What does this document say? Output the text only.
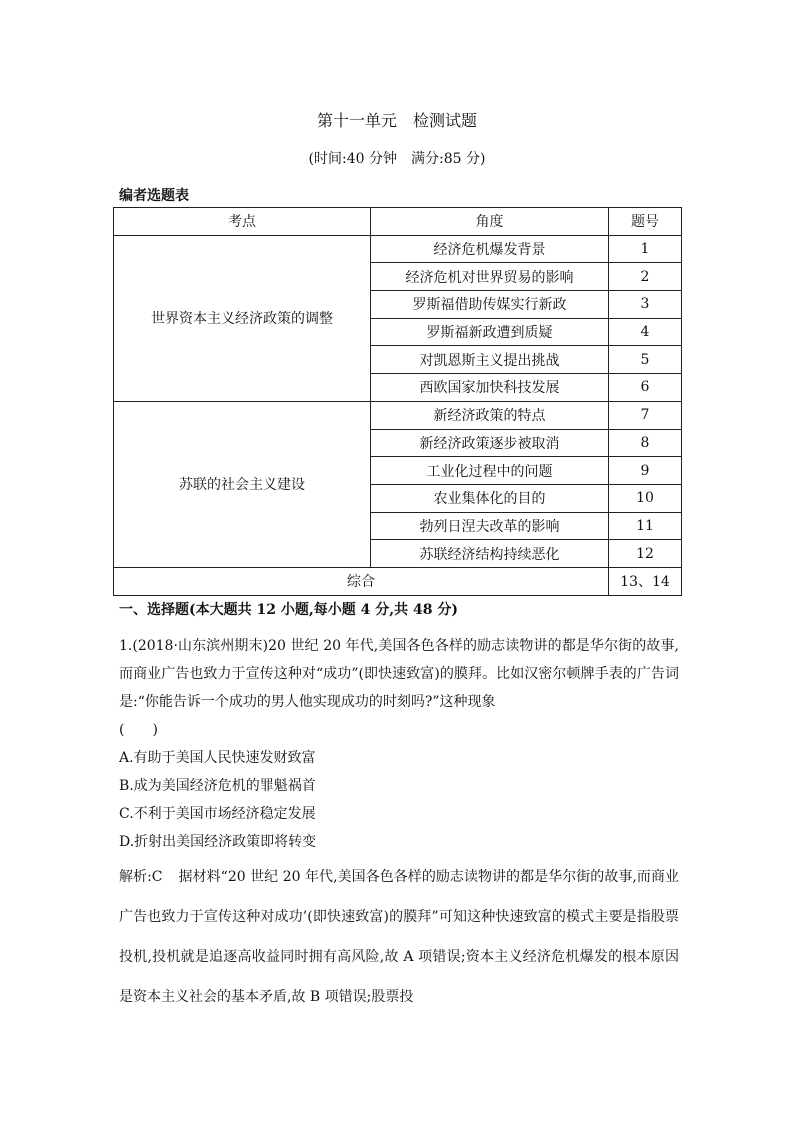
第十一单元　检测试题
(时间:40 分钟　满分:85 分)
编者选题表
考点	角度	题号
世界资本主义经济政策的调整	经济危机爆发背景	1
	经济危机对世界贸易的影响	2
	罗斯福借助传媒实行新政	3
	罗斯福新政遭到质疑	4
	对凯恩斯主义提出挑战	5
	西欧国家加快科技发展	6
苏联的社会主义建设	新经济政策的特点	7
	新经济政策逐步被取消	8
	工业化过程中的问题	9
	农业集体化的目的	10
	勃列日涅夫改革的影响	11
	苏联经济结构持续恶化	12
综合		13、14
一、选择题(本大题共 12 小题,每小题 4 分,共 48 分)
1.(2018·山东滨州期末)20 世纪 20 年代,美国各色各样的励志读物讲的都是华尔街的故事,而商业广告也致力于宣传这种对“成功”(即快速致富)的膜拜。比如汉密尔顿牌手表的广告词是:“你能告诉一个成功的男人他实现成功的时刻吗?”这种现象
(　　)
A.有助于美国人民快速发财致富
B.成为美国经济危机的罪魁祸首
C.不利于美国市场经济稳定发展
D.折射出美国经济政策即将转变
解析:C 据材料“20 世纪 20 年代,美国各色各样的励志读物讲的都是华尔街的故事,而商业广告也致力于宣传这种对成功’(即快速致富)的膜拜”可知这种快速致富的模式主要是指股票投机,投机就是追逐高收益同时拥有高风险,故 A 项错误;资本主义经济危机爆发的根本原因是资本主义社会的基本矛盾,故 B 项错误;股票投
